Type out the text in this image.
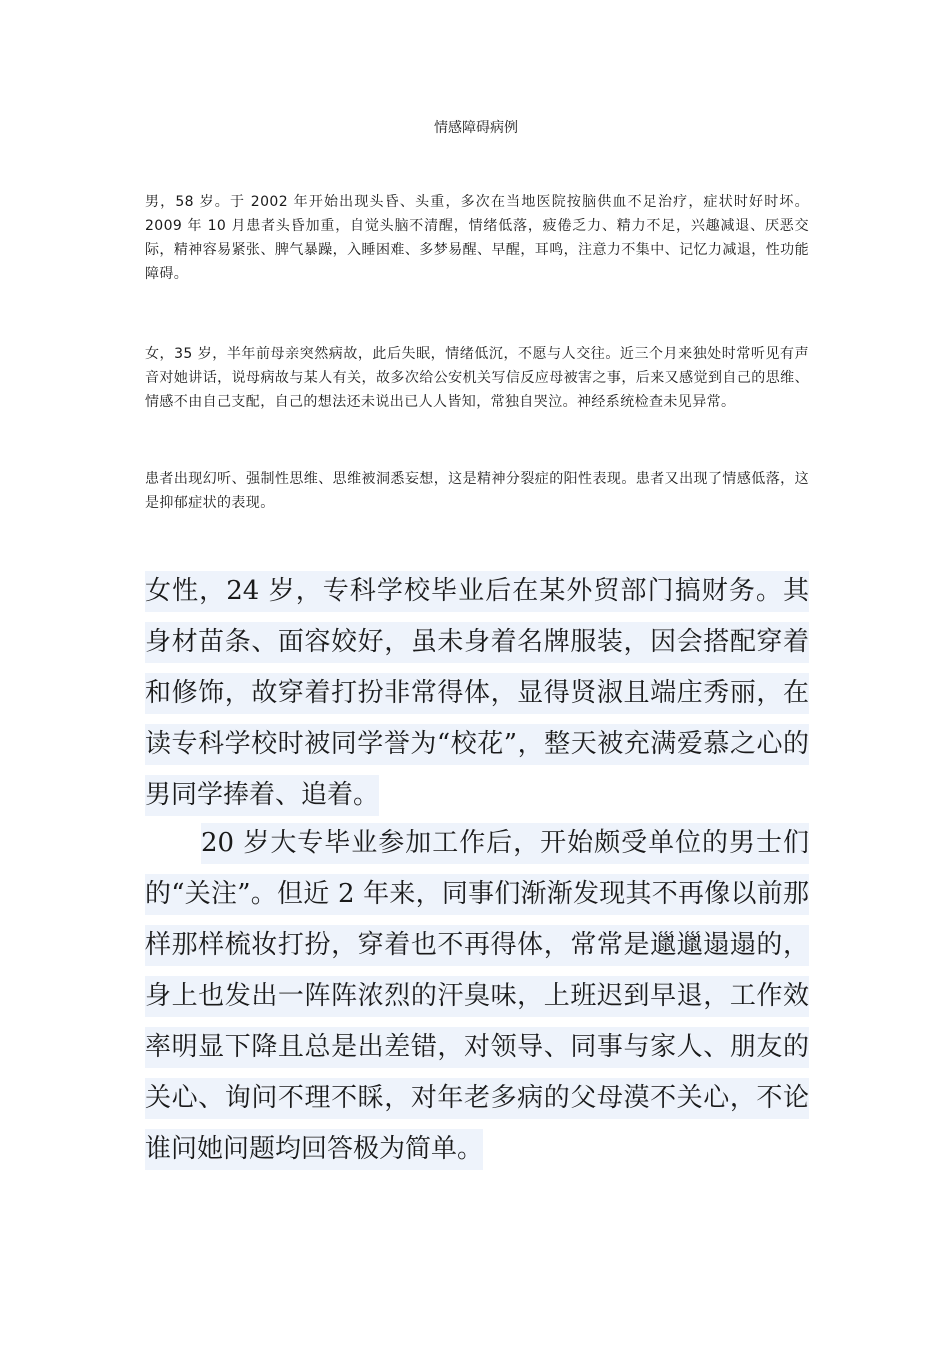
情感障碍病例

男，58 岁。于 2002 年开始出现头昏、头重，多次在当地医院按脑供血不足治疗，症状时好时坏。2009 年 10 月患者头昏加重，自觉头脑不清醒，情绪低落，疲倦乏力、精力不足，兴趣减退、厌恶交际，精神容易紧张、脾气暴躁，入睡困难、多梦易醒、早醒，耳鸣，注意力不集中、记忆力减退，性功能障碍。

女，35 岁，半年前母亲突然病故，此后失眠，情绪低沉，不愿与人交往。近三个月来独处时常听见有声音对她讲话，说母病故与某人有关，故多次给公安机关写信反应母被害之事，后来又感觉到自己的思维、情感不由自己支配，自己的想法还未说出已人人皆知，常独自哭泣。神经系统检查未见异常。

患者出现幻听、强制性思维、思维被洞悉妄想，这是精神分裂症的阳性表现。患者又出现了情感低落，这是抑郁症状的表现。

女性，24 岁，专科学校毕业后在某外贸部门搞财务。其身材苗条、面容姣好，虽未身着名牌服装，因会搭配穿着和修饰，故穿着打扮非常得体，显得贤淑且端庄秀丽，在读专科学校时被同学誉为“校花”，整天被充满爱慕之心的男同学捧着、追着。

20 岁大专毕业参加工作后，开始颇受单位的男士们的“关注”。但近 2 年来，同事们渐渐发现其不再像以前那样那样梳妆打扮，穿着也不再得体，常常是邋邋遢遢的，身上也发出一阵阵浓烈的汗臭味，上班迟到早退，工作效率明显下降且总是出差错，对领导、同事与家人、朋友的关心、询问不理不睬，对年老多病的父母漠不关心，不论谁问她问题均回答极为简单。
